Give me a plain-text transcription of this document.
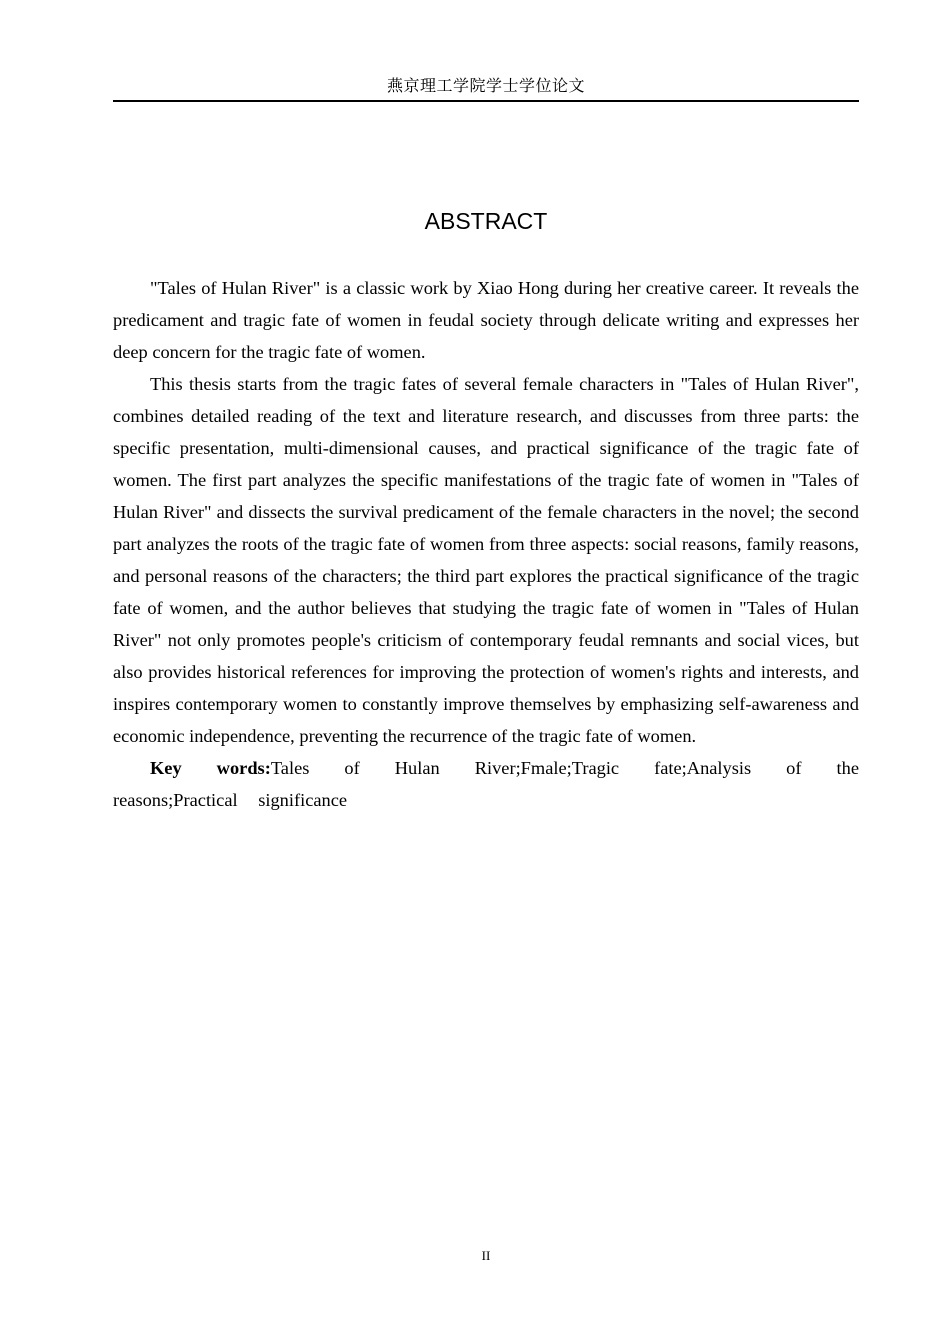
燕京理工学院学士学位论文
ABSTRACT

"Tales of Hulan River" is a classic work by Xiao Hong during her creative career. It reveals the predicament and tragic fate of women in feudal society through delicate writing and expresses her deep concern for the tragic fate of women.

This thesis starts from the tragic fates of several female characters in "Tales of Hulan River", combines detailed reading of the text and literature research, and discusses from three parts: the specific presentation, multi-dimensional causes, and practical significance of the tragic fate of women. The first part analyzes the specific manifestations of the tragic fate of women in "Tales of Hulan River" and dissects the survival predicament of the female characters in the novel; the second part analyzes the roots of the tragic fate of women from three aspects: social reasons, family reasons, and personal reasons of the characters; the third part explores the practical significance of the tragic fate of women, and the author believes that studying the tragic fate of women in "Tales of Hulan River" not only promotes people's criticism of contemporary feudal remnants and social vices, but also provides historical references for improving the protection of women's rights and interests, and inspires contemporary women to constantly improve themselves by emphasizing self-awareness and economic independence, preventing the recurrence of the tragic fate of women.

Key words:Tales of Hulan River;Fmale;Tragic fate;Analysis of the reasons;Practical significance

II
